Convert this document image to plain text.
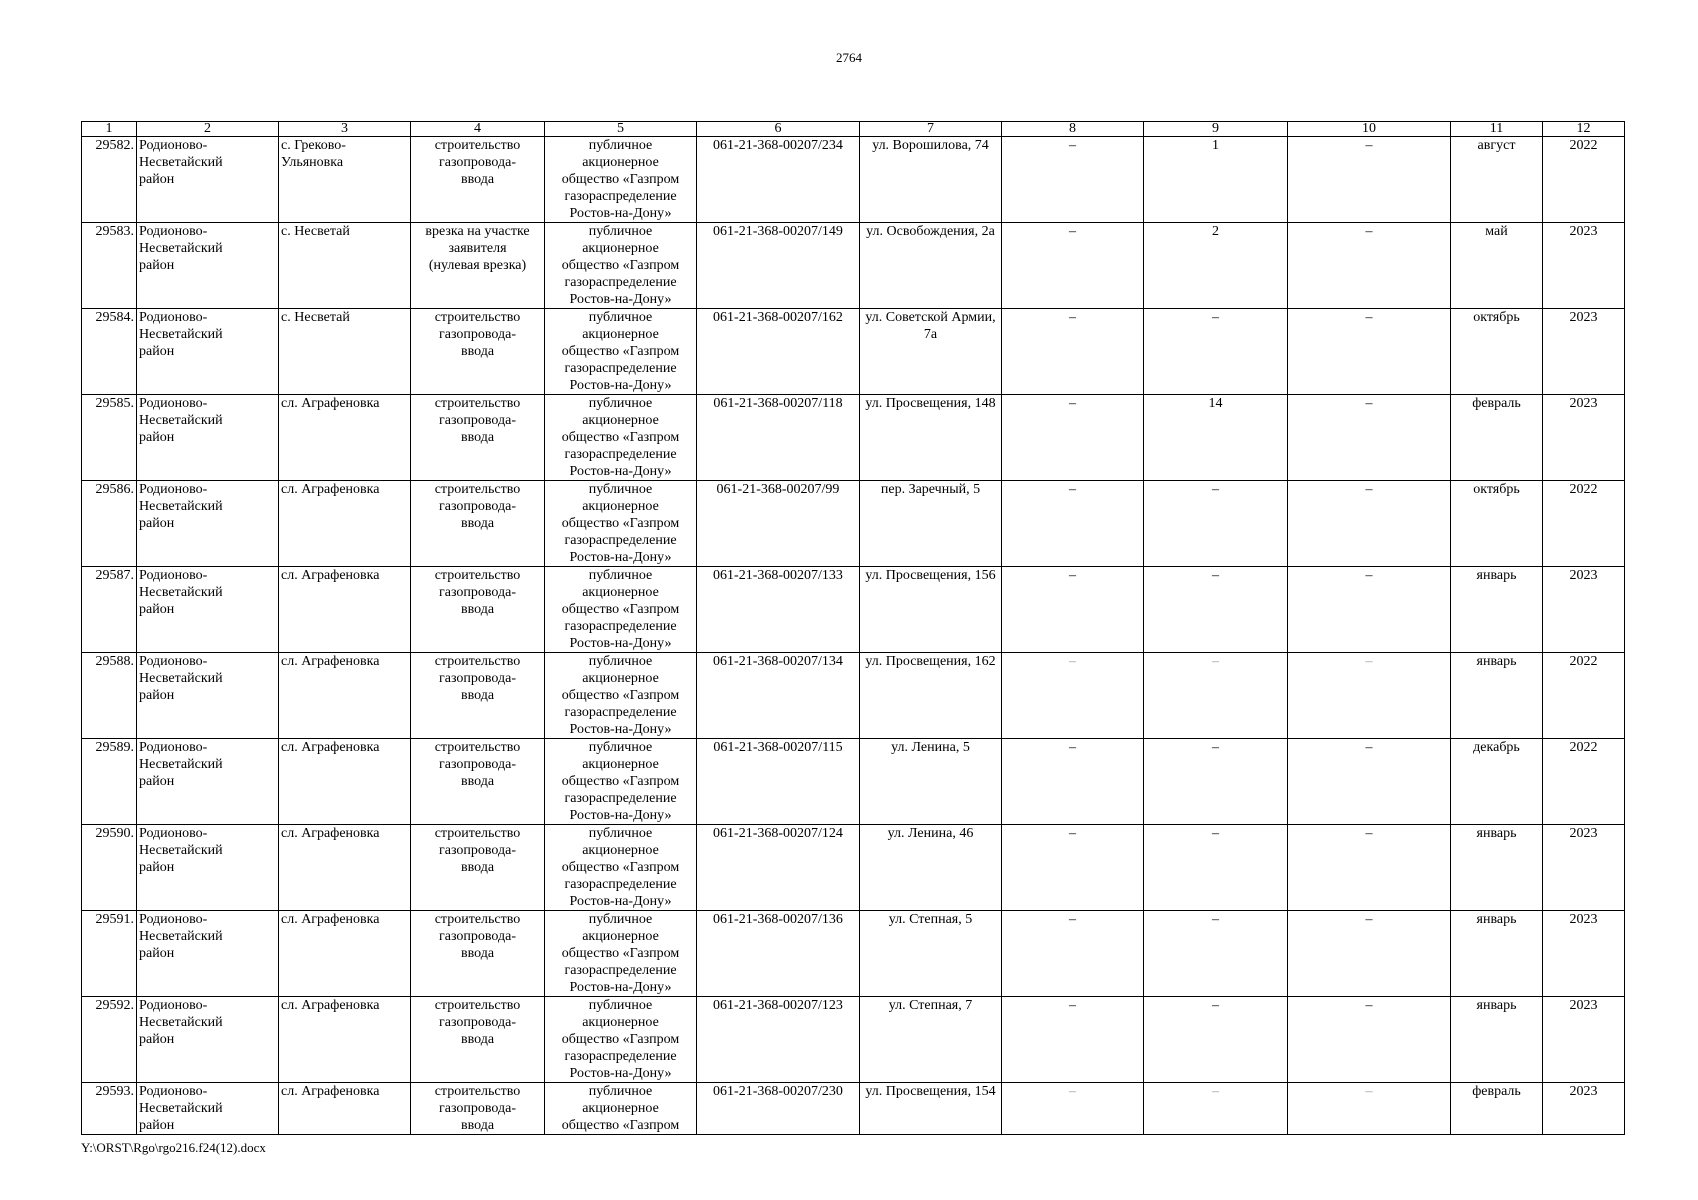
2764
1	2	3	4	5	6	7	8	9	10	11	12
29582.	Родионово-
Несветайский
район	с. Греково-
Ульяновка	строительство
газопровода-
ввода	публичное
акционерное
общество «Газпром
газораспределение
Ростов-на-Дону»	061-21-368-00207/234	ул. Ворошилова, 74	–	1	–	август	2022
29583.	Родионово-
Несветайский
район	с. Несветай	врезка на участке
заявителя
(нулевая врезка)	публичное
акционерное
общество «Газпром
газораспределение
Ростов-на-Дону»	061-21-368-00207/149	ул. Освобождения, 2а	–	2	–	май	2023
29584.	Родионово-
Несветайский
район	с. Несветай	строительство
газопровода-
ввода	публичное
акционерное
общество «Газпром
газораспределение
Ростов-на-Дону»	061-21-368-00207/162	ул. Советской Армии,
7а	–	–	–	октябрь	2023
29585.	Родионово-
Несветайский
район	сл. Аграфеновка	строительство
газопровода-
ввода	публичное
акционерное
общество «Газпром
газораспределение
Ростов-на-Дону»	061-21-368-00207/118	ул. Просвещения, 148	–	14	–	февраль	2023
29586.	Родионово-
Несветайский
район	сл. Аграфеновка	строительство
газопровода-
ввода	публичное
акционерное
общество «Газпром
газораспределение
Ростов-на-Дону»	061-21-368-00207/99	пер. Заречный, 5	–	–	–	октябрь	2022
29587.	Родионово-
Несветайский
район	сл. Аграфеновка	строительство
газопровода-
ввода	публичное
акционерное
общество «Газпром
газораспределение
Ростов-на-Дону»	061-21-368-00207/133	ул. Просвещения, 156	–	–	–	январь	2023
29588.	Родионово-
Несветайский
район	сл. Аграфеновка	строительство
газопровода-
ввода	публичное
акционерное
общество «Газпром
газораспределение
Ростов-на-Дону»	061-21-368-00207/134	ул. Просвещения, 162	–	–	–	январь	2022
29589.	Родионово-
Несветайский
район	сл. Аграфеновка	строительство
газопровода-
ввода	публичное
акционерное
общество «Газпром
газораспределение
Ростов-на-Дону»	061-21-368-00207/115	ул. Ленина, 5	–	–	–	декабрь	2022
29590.	Родионово-
Несветайский
район	сл. Аграфеновка	строительство
газопровода-
ввода	публичное
акционерное
общество «Газпром
газораспределение
Ростов-на-Дону»	061-21-368-00207/124	ул. Ленина, 46	–	–	–	январь	2023
29591.	Родионово-
Несветайский
район	сл. Аграфеновка	строительство
газопровода-
ввода	публичное
акционерное
общество «Газпром
газораспределение
Ростов-на-Дону»	061-21-368-00207/136	ул. Степная, 5	–	–	–	январь	2023
29592.	Родионово-
Несветайский
район	сл. Аграфеновка	строительство
газопровода-
ввода	публичное
акционерное
общество «Газпром
газораспределение
Ростов-на-Дону»	061-21-368-00207/123	ул. Степная, 7	–	–	–	январь	2023
29593.	Родионово-
Несветайский
район	сл. Аграфеновка	строительство
газопровода-
ввода	публичное
акционерное
общество «Газпром	061-21-368-00207/230	ул. Просвещения, 154	–	–	–	февраль	2023
Y:\ORST\Rgo\rgo216.f24(12).docx
